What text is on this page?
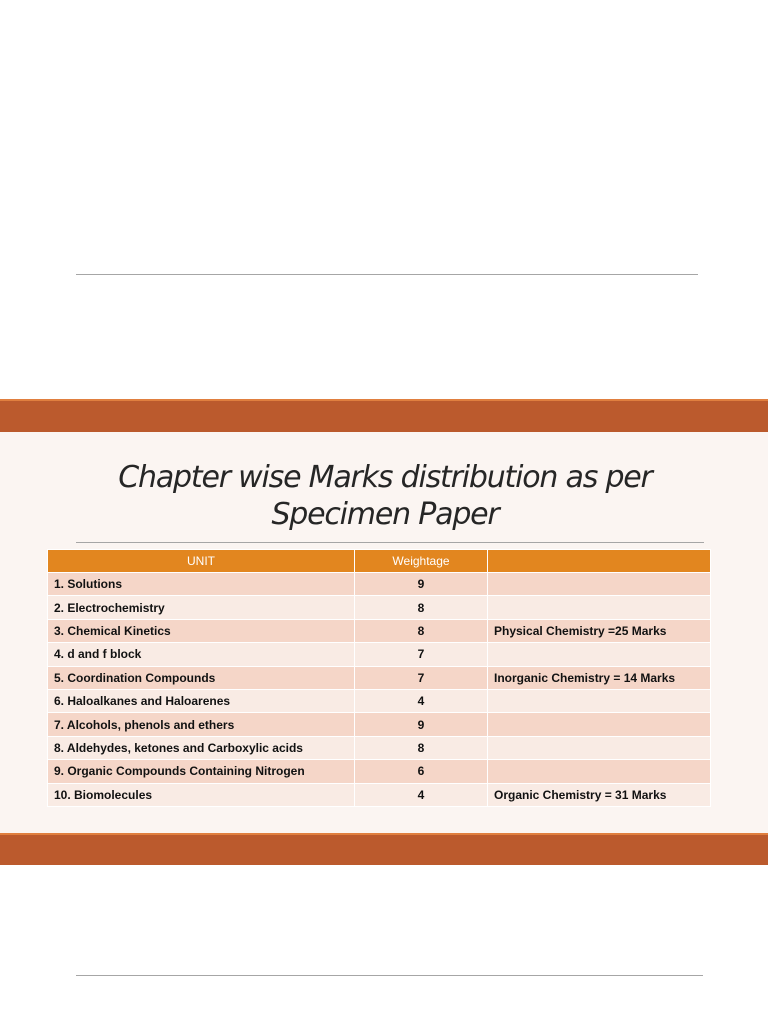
Chapter wise Marks distribution as per Specimen Paper
UNIT	Weightage	
1. Solutions	9	
2. Electrochemistry	8	
3. Chemical Kinetics	8	Physical Chemistry =25 Marks
4. d and f block	7	
5. Coordination Compounds	7	Inorganic Chemistry = 14 Marks
6. Haloalkanes and Haloarenes	4	
7. Alcohols, phenols and ethers	9	
8. Aldehydes, ketones and Carboxylic acids	8	
9. Organic Compounds Containing Nitrogen	6	
10. Biomolecules	4	Organic Chemistry = 31 Marks
